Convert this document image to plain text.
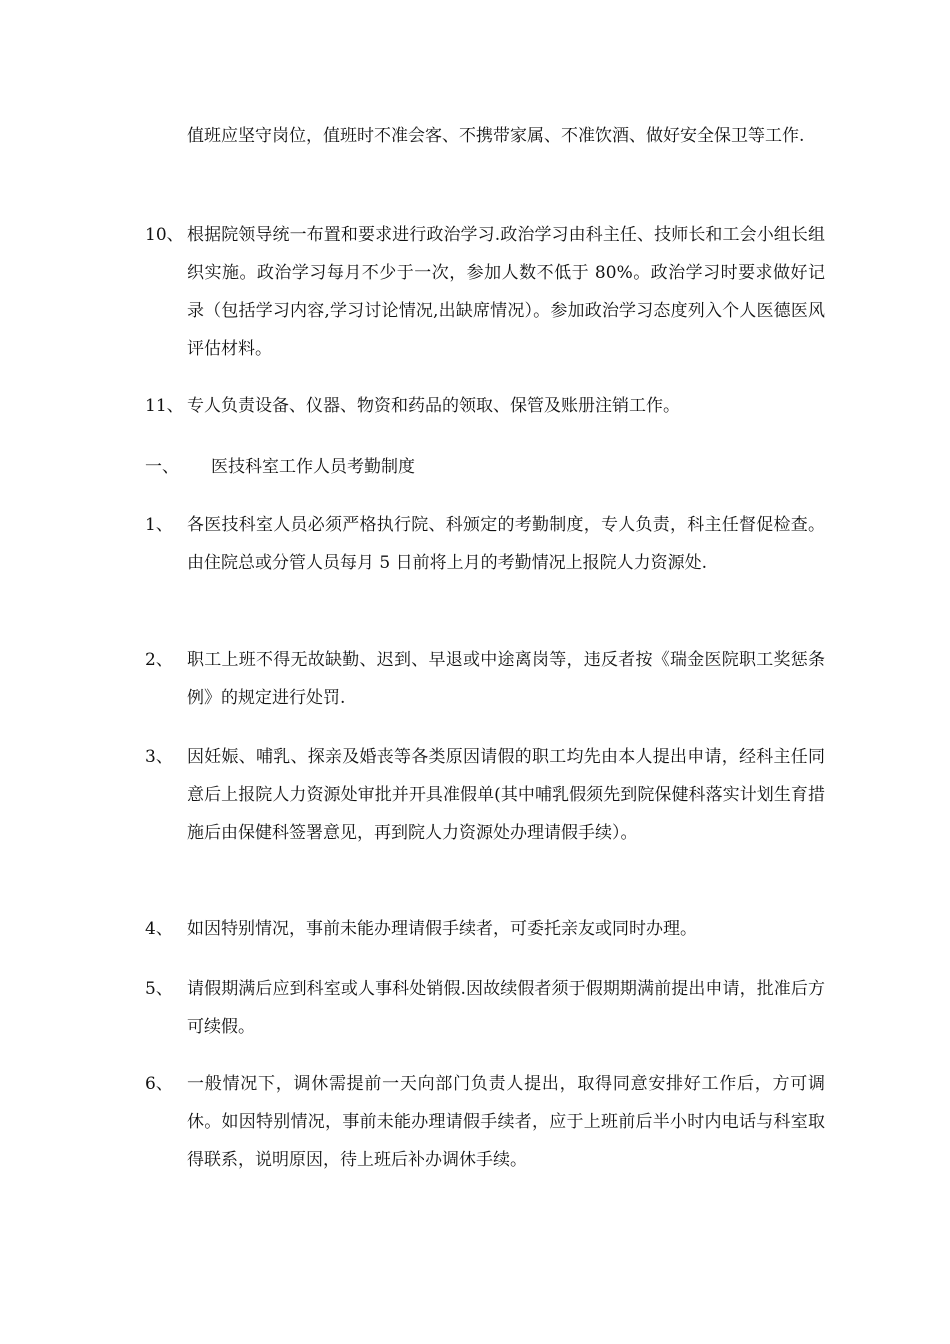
值班应坚守岗位，值班时不准会客、不携带家属、不准饮酒、做好安全保卫等工作.
10、 根据院领导统一布置和要求进行政治学习.政治学习由科主任、技师长和工会小组长组织实施。政治学习每月不少于一次，参加人数不低于 80%。政治学习时要求做好记录（包括学习内容,学习讨论情况,出缺席情况）。参加政治学习态度列入个人医德医风评估材料。
11、 专人负责设备、仪器、物资和药品的领取、保管及账册注销工作。
一、 医技科室工作人员考勤制度
1、 各医技科室人员必须严格执行院、科颁定的考勤制度，专人负责，科主任督促检查。由住院总或分管人员每月 5 日前将上月的考勤情况上报院人力资源处.
2、 职工上班不得无故缺勤、迟到、早退或中途离岗等，违反者按《瑞金医院职工奖惩条例》的规定进行处罚.
3、 因妊娠、哺乳、探亲及婚丧等各类原因请假的职工均先由本人提出申请，经科主任同意后上报院人力资源处审批并开具准假单(其中哺乳假须先到院保健科落实计划生育措施后由保健科签署意见，再到院人力资源处办理请假手续）。
4、 如因特别情况，事前未能办理请假手续者，可委托亲友或同时办理。
5、 请假期满后应到科室或人事科处销假.因故续假者须于假期期满前提出申请，批准后方可续假。
6、 一般情况下，调休需提前一天向部门负责人提出，取得同意安排好工作后，方可调休。如因特别情况，事前未能办理请假手续者，应于上班前后半小时内电话与科室取得联系，说明原因，待上班后补办调休手续。
